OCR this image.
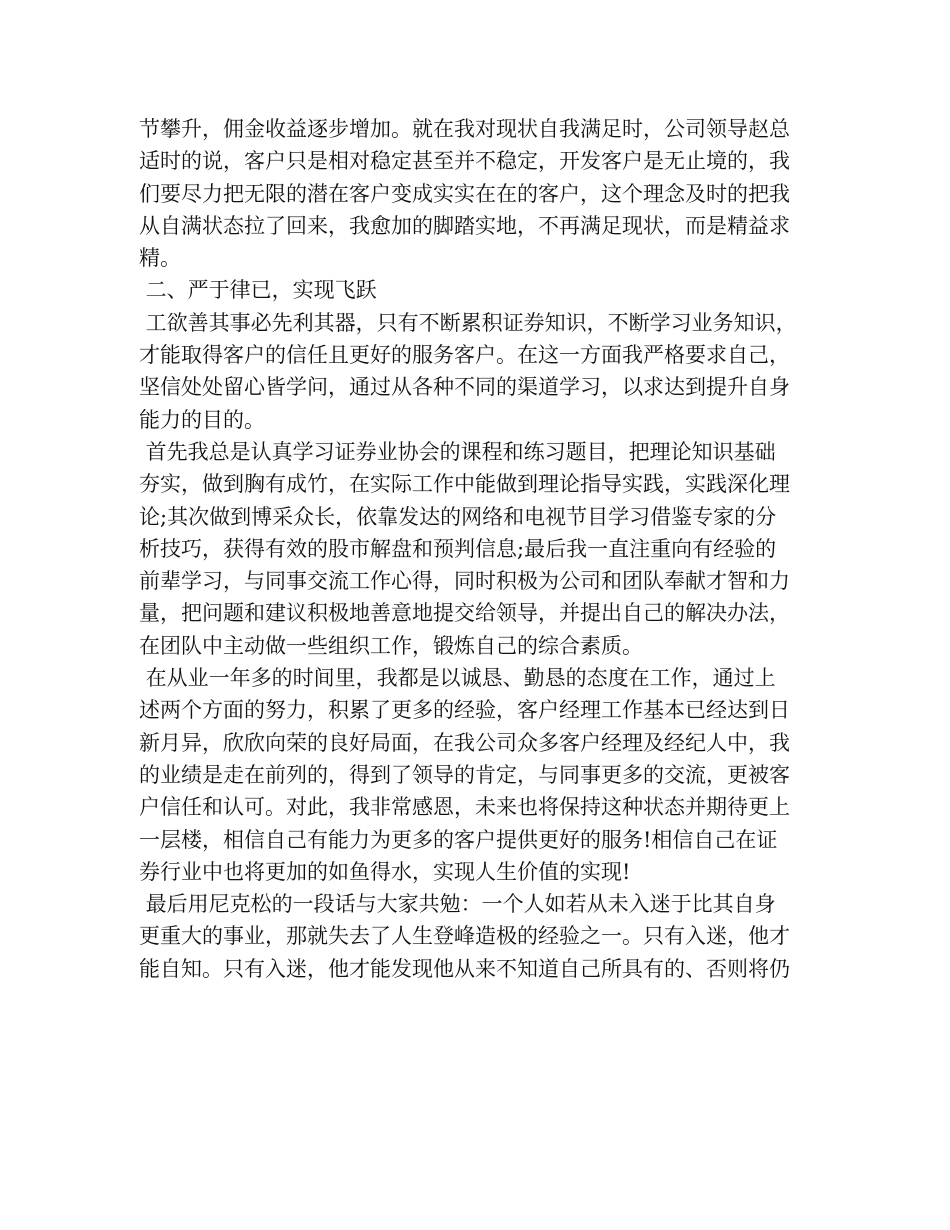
节攀升，佣金收益逐步增加。就在我对现状自我满足时，公司领导赵总
适时的说，客户只是相对稳定甚至并不稳定，开发客户是无止境的，我
们要尽力把无限的潜在客户变成实实在在的客户，这个理念及时的把我
从自满状态拉了回来，我愈加的脚踏实地，不再满足现状，而是精益求
精。
二、严于律已，实现飞跃
工欲善其事必先利其器，只有不断累积证券知识，不断学习业务知识，
才能取得客户的信任且更好的服务客户。在这一方面我严格要求自己，
坚信处处留心皆学问，通过从各种不同的渠道学习，以求达到提升自身
能力的目的。
首先我总是认真学习证券业协会的课程和练习题目，把理论知识基础
夯实，做到胸有成竹，在实际工作中能做到理论指导实践，实践深化理
论;其次做到博采众长，依靠发达的网络和电视节目学习借鉴专家的分
析技巧，获得有效的股市解盘和预判信息;最后我一直注重向有经验的
前辈学习，与同事交流工作心得，同时积极为公司和团队奉献才智和力
量，把问题和建议积极地善意地提交给领导，并提出自己的解决办法，
在团队中主动做一些组织工作，锻炼自己的综合素质。
在从业一年多的时间里，我都是以诚恳、勤恳的态度在工作，通过上
述两个方面的努力，积累了更多的经验，客户经理工作基本已经达到日
新月异，欣欣向荣的良好局面，在我公司众多客户经理及经纪人中，我
的业绩是走在前列的，得到了领导的肯定，与同事更多的交流，更被客
户信任和认可。对此，我非常感恩，未来也将保持这种状态并期待更上
一层楼，相信自己有能力为更多的客户提供更好的服务!相信自己在证
券行业中也将更加的如鱼得水，实现人生价值的实现!
最后用尼克松的一段话与大家共勉：一个人如若从未入迷于比其自身
更重大的事业，那就失去了人生登峰造极的经验之一。只有入迷，他才
能自知。只有入迷，他才能发现他从来不知道自己所具有的、否则将仍
